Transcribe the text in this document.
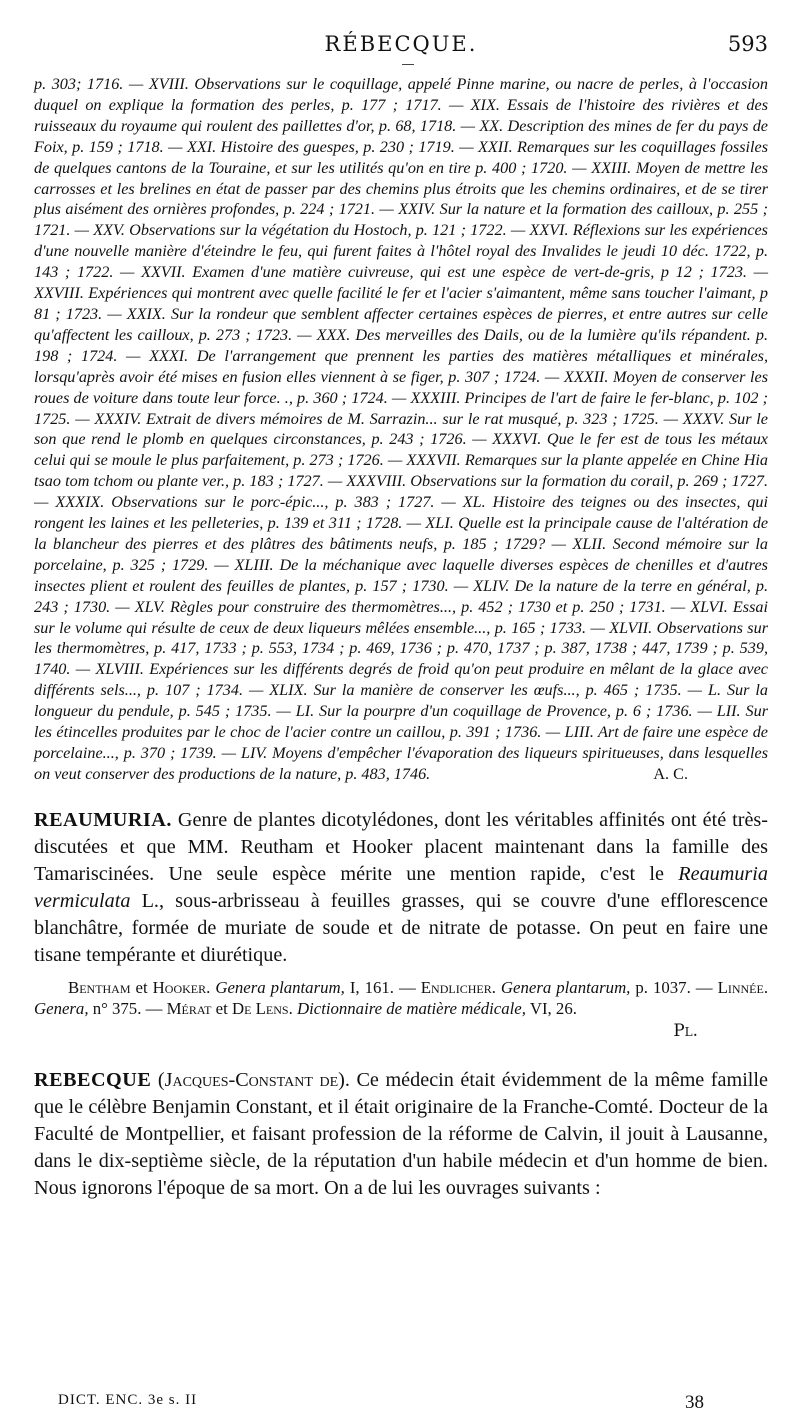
RÉBECQUE.	593
p. 303; 1716. — XVIII. Observations sur le coquillage, appelé Pinne marine, ou nacre de perles, à l'occasion duquel on explique la formation des perles, p. 177 ; 1717. — XIX. Essais de l'histoire des rivières et des ruisseaux du royaume qui roulent des paillettes d'or, p. 68, 1718. — XX. Description des mines de fer du pays de Foix, p. 159 ; 1718. — XXI. Histoire des guespes, p. 230 ; 1719. — XXII. Remarques sur les coquillages fossiles de quelques cantons de la Touraine, et sur les utilités qu'on en tire p. 400 ; 1720. — XXIII. Moyen de mettre les carrosses et les brelines en état de passer par des chemins plus étroits que les chemins ordinaires, et de se tirer plus aisément des ornières profondes, p. 224 ; 1721. — XXIV. Sur la nature et la formation des cailloux, p. 255 ; 1721. — XXV. Observations sur la végétation du Hostoch, p. 121 ; 1722. — XXVI. Réflexions sur les expériences d'une nouvelle manière d'éteindre le feu, qui furent faites à l'hôtel royal des Invalides le jeudi 10 déc. 1722, p. 143 ; 1722. — XXVII. Examen d'une matière cuivreuse, qui est une espèce de vert-de-gris, p 12 ; 1723. — XXVIII. Expériences qui montrent avec quelle facilité le fer et l'acier s'aimantent, même sans toucher l'aimant, p 81 ; 1723. — XXIX. Sur la rondeur que semblent affecter certaines espèces de pierres, et entre autres sur celle qu'affectent les cailloux, p. 273 ; 1723. — XXX. Des merveilles des Dails, ou de la lumière qu'ils répandent. p. 198 ; 1724. — XXXI. De l'arrangement que prennent les parties des matières métalliques et minérales, lorsqu'après avoir été mises en fusion elles viennent à se figer, p. 307 ; 1724. — XXXII. Moyen de conserver les roues de voiture dans toute leur force. ., p. 360 ; 1724. — XXXIII. Principes de l'art de faire le fer-blanc, p. 102 ; 1725. — XXXIV. Extrait de divers mémoires de M. Sarrazin... sur le rat musqué, p. 323 ; 1725. — XXXV. Sur le son que rend le plomb en quelques circonstances, p. 243 ; 1726. — XXXVI. Que le fer est de tous les métaux celui qui se moule le plus parfaitement, p. 273 ; 1726. — XXXVII. Remarques sur la plante appelée en Chine Hia tsao tom tchom ou plante ver., p. 183 ; 1727. — XXXVIII. Observations sur la formation du corail, p. 269 ; 1727. — XXXIX. Observations sur le porc-épic..., p. 383 ; 1727. — XL. Histoire des teignes ou des insectes, qui rongent les laines et les pelleteries, p. 139 et 311 ; 1728. — XLI. Quelle est la principale cause de l'altération de la blancheur des pierres et des plâtres des bâtiments neufs, p. 185 ; 1729? — XLII. Second mémoire sur la porcelaine, p. 325 ; 1729. — XLIII. De la méchanique avec laquelle diverses espèces de chenilles et d'autres insectes plient et roulent des feuilles de plantes, p. 157 ; 1730. — XLIV. De la nature de la terre en général, p. 243 ; 1730. — XLV. Règles pour construire des thermomètres..., p. 452 ; 1730 et p. 250 ; 1731. — XLVI. Essai sur le volume qui résulte de ceux de deux liqueurs mêlées ensemble..., p. 165 ; 1733. — XLVII. Observations sur les thermomètres, p. 417, 1733 ; p. 553, 1734 ; p. 469, 1736 ; p. 470, 1737 ; p. 387, 1738 ; 447, 1739 ; p. 539, 1740. — XLVIII. Expériences sur les différents degrés de froid qu'on peut produire en mêlant de la glace avec différents sels..., p. 107 ; 1734. — XLIX. Sur la manière de conserver les œufs..., p. 465 ; 1735. — L. Sur la longueur du pendule, p. 545 ; 1735. — LI. Sur la pourpre d'un coquillage de Provence, p. 6 ; 1736. — LII. Sur les étincelles produites par le choc de l'acier contre un caillou, p. 391 ; 1736. — LIII. Art de faire une espèce de porcelaine..., p. 370 ; 1739. — LIV. Moyens d'empêcher l'évaporation des liqueurs spiritueuses, dans lesquelles on veut conserver des productions de la nature, p. 483, 1746.	A. C.

REAUMURIA. Genre de plantes dicotylédones, dont les véritables affinités ont été très-discutées et que MM. Reutham et Hooker placent maintenant dans la famille des Tamariscinées. Une seule espèce mérite une mention rapide, c'est le Reaumuria vermiculata L., sous-arbrisseau à feuilles grasses, qui se couvre d'une efflorescence blanchâtre, formée de muriate de soude et de nitrate de potasse. On peut en faire une tisane tempérante et diurétique.

Bentham et Hooker. Genera plantarum, I, 161. — Endlicher. Genera plantarum, p. 1037. — Linnée. Genera, n° 375. — Mérat et De Lens. Dictionnaire de matière médicale, VI, 26.

Pl.

REBECQUE (Jacques-Constant de). Ce médecin était évidemment de la même famille que le célèbre Benjamin Constant, et il était originaire de la Franche-Comté. Docteur de la Faculté de Montpellier, et faisant profession de la réforme de Calvin, il jouit à Lausanne, dans le dix-septième siècle, de la réputation d'un habile médecin et d'un homme de bien. Nous ignorons l'époque de sa mort. On a de lui les ouvrages suivants :

DICT. ENC. 3e s. II	38
